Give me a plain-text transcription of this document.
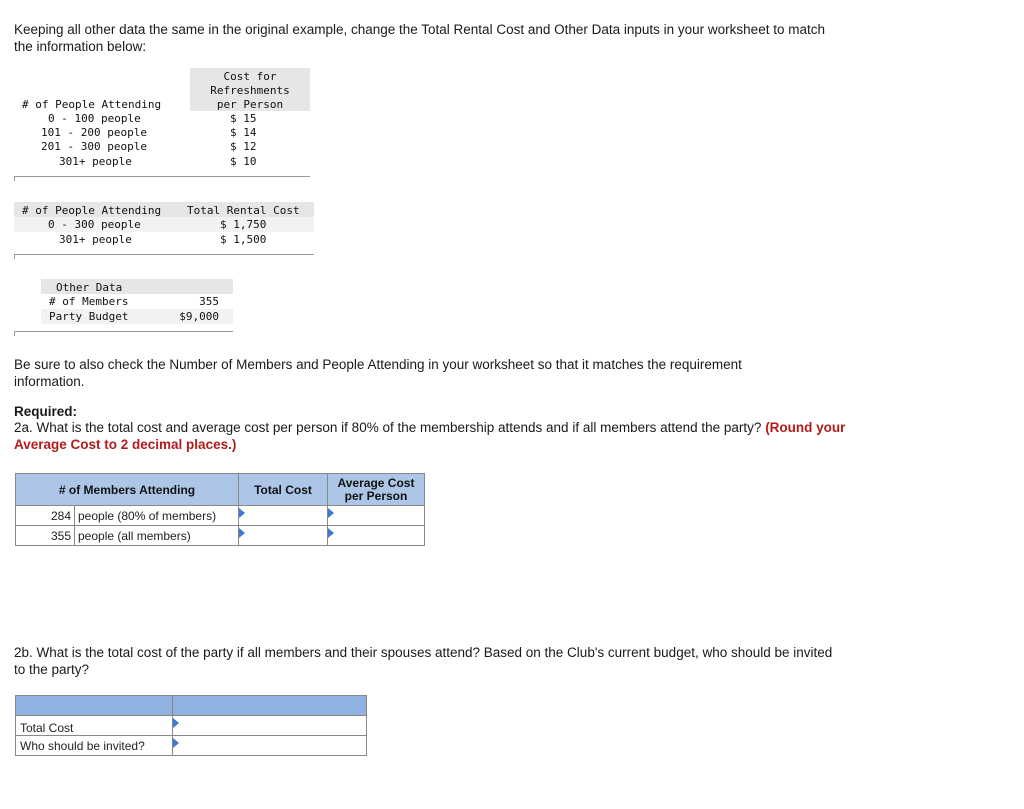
Keeping all other data the same in the original example, change the Total Rental Cost and Other Data inputs in your worksheet to match the information below:
Cost for
Refreshments
per Person
# of People Attending
0 - 100 people	$ 15
101 - 200 people	$ 14
201 - 300 people	$ 12
301+ people	$ 10
# of People Attending Total Rental Cost
0 - 300 people	$ 1,750
301+ people	$ 1,500
Other Data
# of Members	355
Party Budget	$9,000
Be sure to also check the Number of Members and People Attending in your worksheet so that it matches the requirement information.
Required:
2a. What is the total cost and average cost per person if 80% of the membership attends and if all members attend the party? (Round your Average Cost to 2 decimal places.)
# of Members Attending		Total Cost	Average Cost per Person
284	people (80% of members)	

355	people (all members)	

2b. What is the total cost of the party if all members and their spouses attend? Based on the Club's current budget, who should be invited to the party?

Total Cost	

Who should be invited?	
